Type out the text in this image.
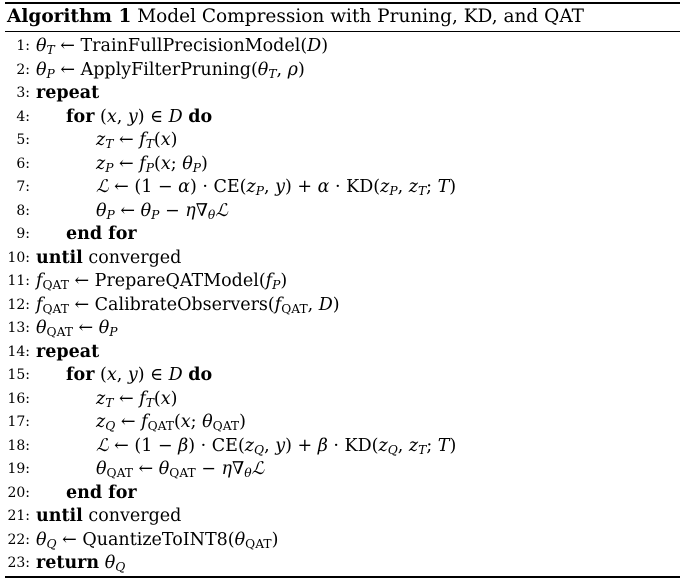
Algorithm 1 Model Compression with Pruning, KD, and QAT
1: $\theta_T$ ← TrainFullPrecisionModel(D)
2: $\theta_P$ ← $ApplyFilterPruning(\theta_T$, ρ)
3: repeat
4: for (x, y) ∈ D do
5:	$z_T$ ← $f_T(x)$
6:	$z_P$ ← $f_P(x$; $\theta_P$)
7:	ℒ ← $(1 - \alpha) \cdot CE(z_P$, $y) + \alpha \cdot KD(z_P$, $z_T$; T)
8:	$\theta_P$ ← $\theta_P$ − $\eta\nabla_\theta ℒ$
9: end for
10: until converged
11: $f_{QAT}$ ← $PrepareQATModel(f_P)$
12: $f_{QAT}$ ← $CalibrateObservers(f_{QAT}$, D)
13: $\theta_{QAT}$ ← $\theta_P$
14: repeat
15: for (x, y) ∈ D do
16:	$z_T$ ← $f_T(x)$
17:	$z_Q$ ← $f_{QAT}(x$; $\theta_{QAT}$)
18:	ℒ ← $(1 - \beta) \cdot CE(z_Q$, $y) + \beta \cdot KD(z_Q$, $z_T$; T)
19:	$\theta_{QAT}$ ← $\theta_{QAT}$ − $\eta\nabla_\theta ℒ$
20: end for
21: until converged
22: $\theta_Q$ ← $QuantizeToINT8(\theta_{QAT})$
23: return $\theta_Q$
